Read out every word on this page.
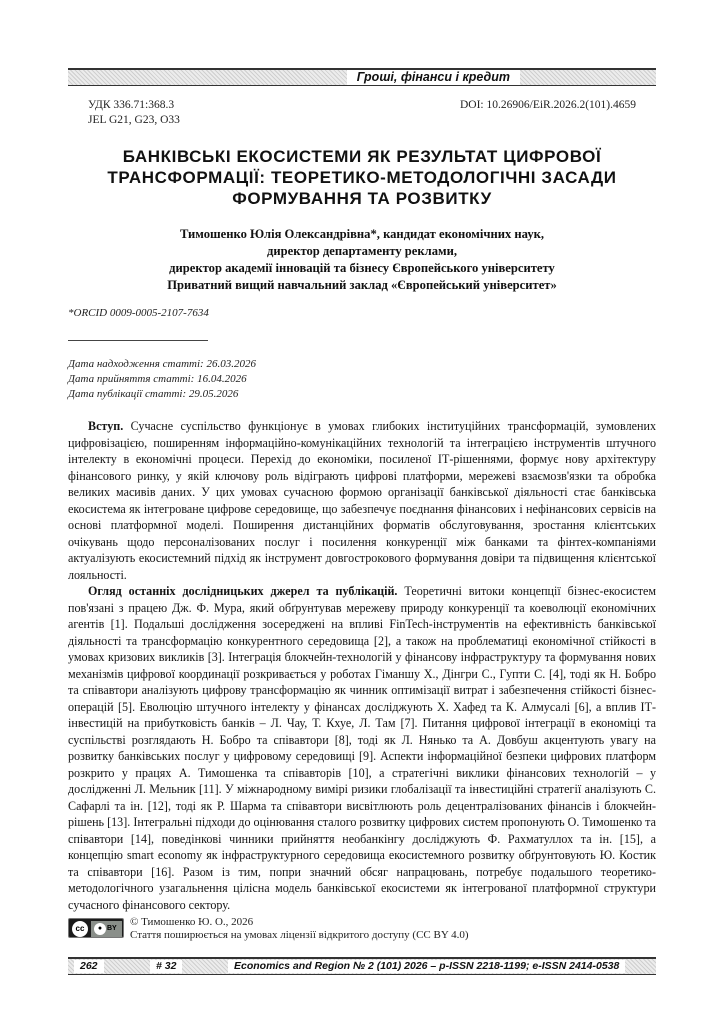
Гроші, фінанси і кредит
УДК 336.71:368.3
JEL G21, G23, O33
DOI: 10.26906/EiR.2026.2(101).4659
БАНКІВСЬКІ ЕКОСИСТЕМИ ЯК РЕЗУЛЬТАТ ЦИФРОВОЇ
ТРАНСФОРМАЦІЇ: ТЕОРЕТИКО-МЕТОДОЛОГІЧНІ ЗАСАДИ
ФОРМУВАННЯ ТА РОЗВИТКУ
Тимошенко Юлія Олександрівна*, кандидат економічних наук,
директор департаменту реклами,
директор академії інновацій та бізнесу Європейського університету
Приватний вищий навчальний заклад «Європейський університет»
*ORCID 0009-0005-2107-7634
Дата надходження статті: 26.03.2026
Дата прийняття статті: 16.04.2026
Дата публікації статті: 29.05.2026

Вступ. Сучасне суспільство функціонує в умовах глибоких інституційних трансформацій, зумовлених цифровізацією, поширенням інформаційно-комунікаційних технологій та інтеграцією інструментів штучного інтелекту в економічні процеси. Перехід до економіки, посиленої ІТ-рішеннями, формує нову архітектуру фінансового ринку, у якій ключову роль відіграють цифрові платформи, мережеві взаємозв'язки та обробка великих масивів даних. У цих умовах сучасною формою організації банківської діяльності стає банківська екосистема як інтегроване цифрове середовище, що забезпечує поєднання фінансових і нефінансових сервісів на основі платформної моделі. Поширення дистанційних форматів обслуговування, зростання клієнтських очікувань щодо персоналізованих послуг і посилення конкуренції між банками та фінтех-компаніями актуалізують екосистемний підхід як інструмент довгострокового формування довіри та підвищення клієнтської лояльності.

Огляд останніх дослідницьких джерел та публікацій. Теоретичні витоки концепції бізнес-екосистем пов'язані з працею Дж. Ф. Мура, який обґрунтував мережеву природу конкуренції та коеволюції економічних агентів [1]. Подальші дослідження зосереджені на впливі FinTech-інструментів на ефективність банківської діяльності та трансформацію конкурентного середовища [2], а також на проблематиці економічної стійкості в умовах кризових викликів [3]. Інтеграція блокчейн-технологій у фінансову інфраструктуру та формування нових механізмів цифрової координації розкривається у роботах Гіманшу Х., Дінгри С., Гупти С. [4], тоді як Н. Бобро та співавтори аналізують цифрову трансформацію як чинник оптимізації витрат і забезпечення стійкості бізнес-операцій [5]. Еволюцію штучного інтелекту у фінансах досліджують Х. Хафед та К. Алмусалі [6], а вплив ІТ-інвестицій на прибутковість банків – Л. Чау, Т. Кхуе, Л. Там [7]. Питання цифрової інтеграції в економіці та суспільстві розглядають Н. Бобро та співавтори [8], тоді як Л. Нянько та А. Довбуш акцентують увагу на розвитку банківських послуг у цифровому середовищі [9]. Аспекти інформаційної безпеки цифрових платформ розкрито у працях А. Тимошенка та співавторів [10], а стратегічні виклики фінансових технологій – у дослідженні Л. Мельник [11]. У міжнародному вимірі ризики глобалізації та інвестиційні стратегії аналізують С. Сафарлі та ін. [12], тоді як Р. Шарма та співавтори висвітлюють роль децентралізованих фінансів і блокчейн-рішень [13]. Інтегральні підходи до оцінювання сталого розвитку цифрових систем пропонують О. Тимошенко та співавтори [14], поведінкові чинники прийняття необанкінгу досліджують Ф. Рахматуллох та ін. [15], а концепцію smart economy як інфраструктурного середовища екосистемного розвитку обґрунтовують Ю. Костик та співавтори [16]. Разом із тим, попри значний обсяг напрацювань, потребує подальшого теоретико-методологічного узагальнення цілісна модель банківської екосистеми як інтегрованої платформної структури сучасного фінансового сектору.

cc	● BY
© Тимошенко Ю. О., 2026
Стаття поширюється на умовах ліцензії відкритого доступу (CC BY 4.0)
262	# 32	Economics and Region № 2 (101) 2026 – p-ISSN 2218-1199; e-ISSN 2414-0538
